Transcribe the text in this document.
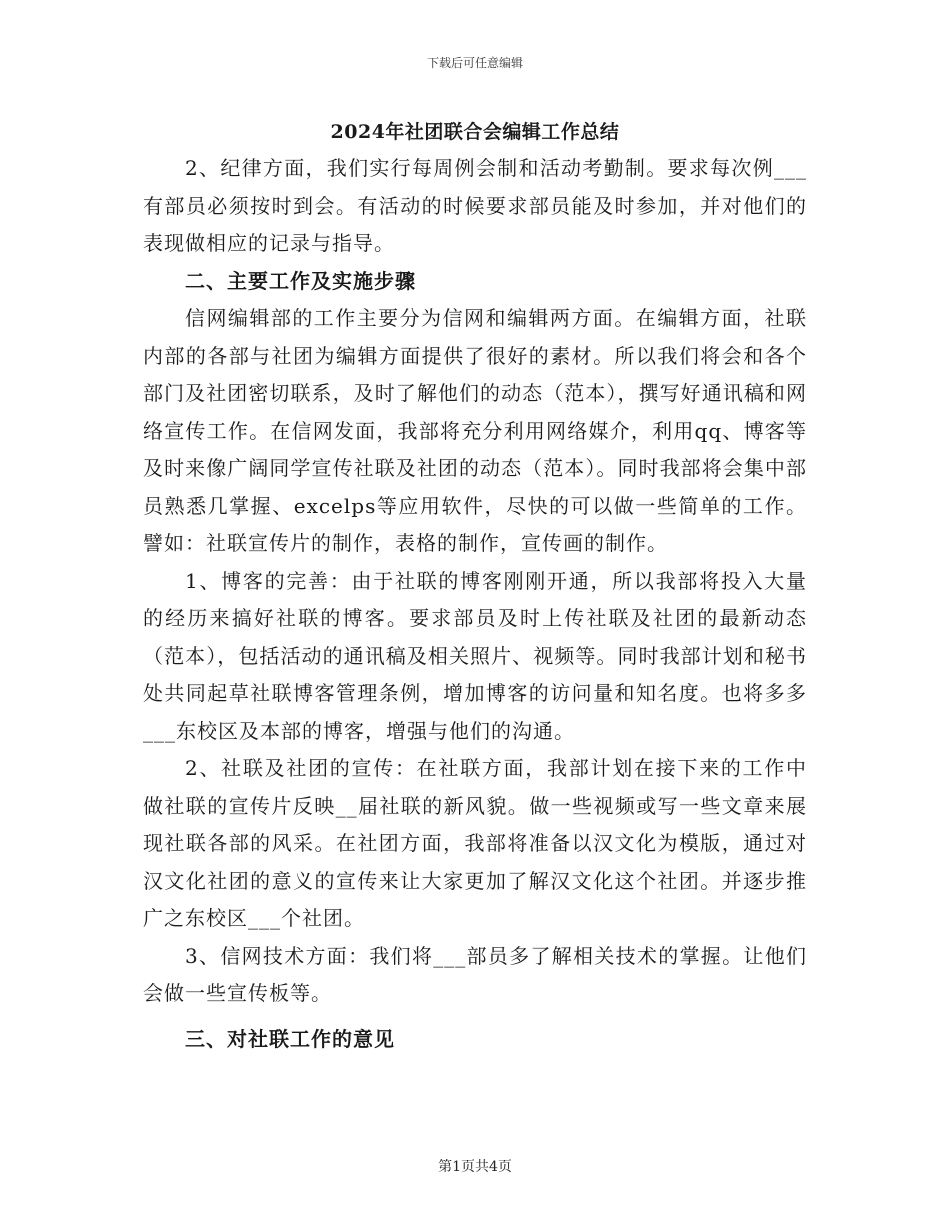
下载后可任意编辑
2024年社团联合会编辑工作总结

2、纪律方面，我们实行每周例会制和活动考勤制。要求每次例___有部员必须按时到会。有活动的时候要求部员能及时参加，并对他们的表现做相应的记录与指导。

二、主要工作及实施步骤

信网编辑部的工作主要分为信网和编辑两方面。在编辑方面，社联内部的各部与社团为编辑方面提供了很好的素材。所以我们将会和各个部门及社团密切联系，及时了解他们的动态（范本），撰写好通讯稿和网络宣传工作。在信网发面，我部将充分利用网络媒介，利用qq、博客等及时来像广阔同学宣传社联及社团的动态（范本）。同时我部将会集中部员熟悉几掌握、excelps等应用软件，尽快的可以做一些简单的工作。譬如：社联宣传片的制作，表格的制作，宣传画的制作。

1、博客的完善：由于社联的博客刚刚开通，所以我部将投入大量的经历来搞好社联的博客。要求部员及时上传社联及社团的最新动态（范本），包括活动的通讯稿及相关照片、视频等。同时我部计划和秘书处共同起草社联博客管理条例，增加博客的访问量和知名度。也将多多___东校区及本部的博客，增强与他们的沟通。

2、社联及社团的宣传：在社联方面，我部计划在接下来的工作中做社联的宣传片反映__届社联的新风貌。做一些视频或写一些文章来展现社联各部的风采。在社团方面，我部将准备以汉文化为模版，通过对汉文化社团的意义的宣传来让大家更加了解汉文化这个社团。并逐步推广之东校区___个社团。

3、信网技术方面：我们将___部员多了解相关技术的掌握。让他们会做一些宣传板等。

三、对社联工作的意见

第1页共4页
